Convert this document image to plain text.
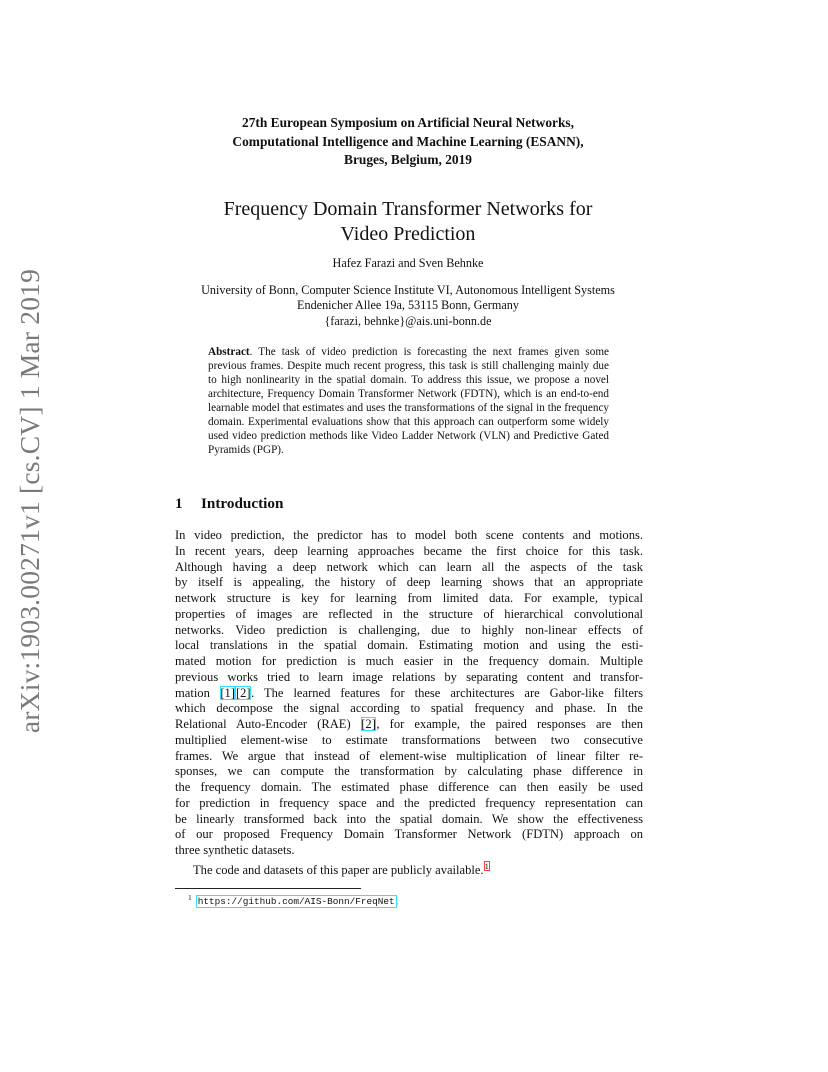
arXiv:1903.00271v1 [cs.CV] 1 Mar 2019
27th European Symposium on Artificial Neural Networks,
Computational Intelligence and Machine Learning (ESANN),
Bruges, Belgium, 2019
Frequency Domain Transformer Networks for
Video Prediction
Hafez Farazi and Sven Behnke
University of Bonn, Computer Science Institute VI, Autonomous Intelligent Systems
Endenicher Allee 19a, 53115 Bonn, Germany
{farazi, behnke}@ais.uni-bonn.de
Abstract. The task of video prediction is forecasting the next frames given some previous frames. Despite much recent progress, this task is still challenging mainly due to high nonlinearity in the spatial domain. To address this issue, we propose a novel architecture, Frequency Domain Transformer Network (FDTN), which is an end-to-end learnable model that estimates and uses the transformations of the signal in the frequency domain. Experimental evaluations show that this approach can outperform some widely used video prediction methods like Video Ladder Network (VLN) and Predictive Gated Pyramids (PGP).
1 Introduction
In video prediction, the predictor has to model both scene contents and motions.
In recent years, deep learning approaches became the first choice for this task.
Although having a deep network which can learn all the aspects of the task
by itself is appealing, the history of deep learning shows that an appropriate
network structure is key for learning from limited data. For example, typical
properties of images are reflected in the structure of hierarchical convolutional
networks. Video prediction is challenging, due to highly non-linear effects of
local translations in the spatial domain. Estimating motion and using the esti-
mated motion for prediction is much easier in the frequency domain. Multiple
previous works tried to learn image relations by separating content and transfor-
mation [1][2]. The learned features for these architectures are Gabor-like filters
which decompose the signal according to spatial frequency and phase. In the
Relational Auto-Encoder (RAE) [2], for example, the paired responses are then
multiplied element-wise to estimate transformations between two consecutive
frames. We argue that instead of element-wise multiplication of linear filter re-
sponses, we can compute the transformation by calculating phase difference in
the frequency domain. The estimated phase difference can then easily be used
for prediction in frequency space and the predicted frequency representation can
be linearly transformed back into the spatial domain. We show the effectiveness
of our proposed Frequency Domain Transformer Network (FDTN) approach on
three synthetic datasets.
The code and datasets of this paper are publicly available.$^1$
$^1$ https://github.com/AIS-Bonn/FreqNet.
